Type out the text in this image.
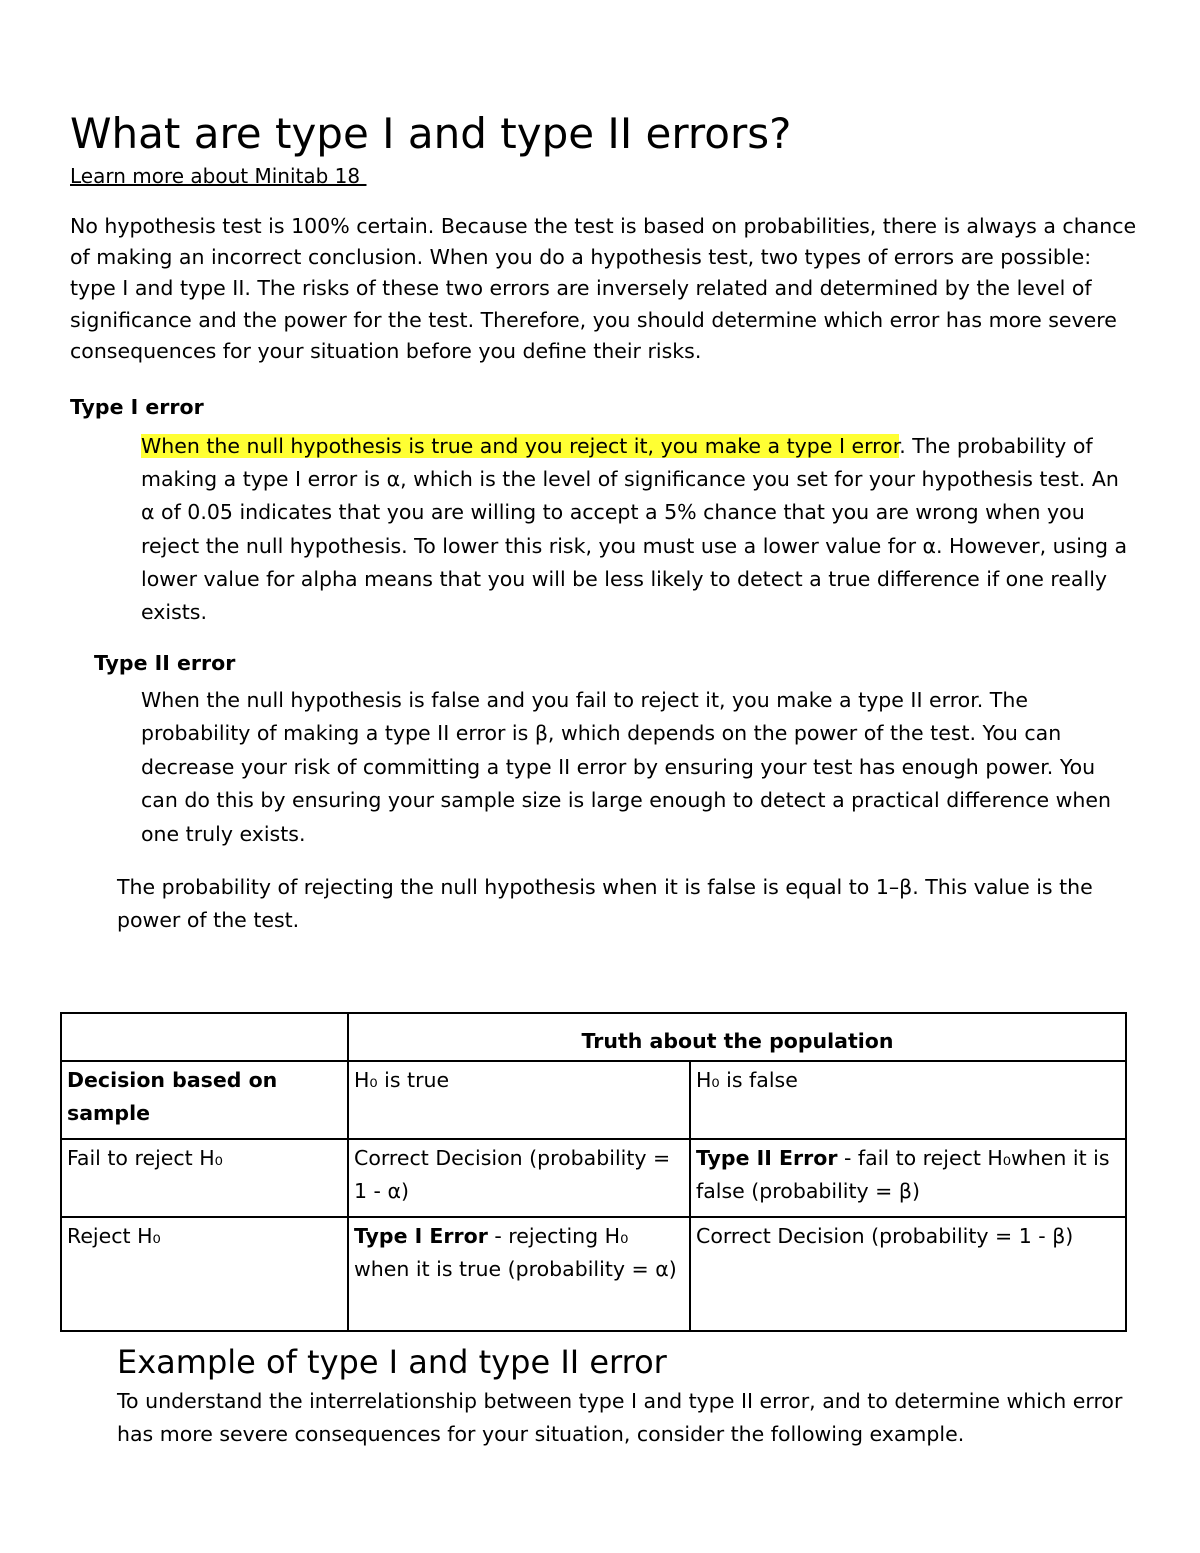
What are type I and type II errors?
Learn more about Minitab 18

No hypothesis test is 100% certain. Because the test is based on probabilities, there is always a chance of making an incorrect conclusion. When you do a hypothesis test, two types of errors are possible: type I and type II. The risks of these two errors are inversely related and determined by the level of significance and the power for the test. Therefore, you should determine which error has more severe consequences for your situation before you define their risks.

Type I error

When the null hypothesis is true and you reject it, you make a type I error. The probability of making a type I error is α, which is the level of significance you set for your hypothesis test. An α of 0.05 indicates that you are willing to accept a 5% chance that you are wrong when you reject the null hypothesis. To lower this risk, you must use a lower value for α. However, using a lower value for alpha means that you will be less likely to detect a true difference if one really exists.

Type II error

When the null hypothesis is false and you fail to reject it, you make a type II error. The probability of making a type II error is β, which depends on the power of the test. You can decrease your risk of committing a type II error by ensuring your test has enough power. You can do this by ensuring your sample size is large enough to detect a practical difference when one truly exists.

The probability of rejecting the null hypothesis when it is false is equal to 1–β. This value is the power of the test.

	Truth about the population	
Decision based on sample	H₀ is true	H₀ is false
Fail to reject H₀	Correct Decision (probability = 1 - α)	Type II Error - fail to reject H₀when it is false (probability = β)
Reject H₀	Type I Error - rejecting H₀ when it is true (probability = α)	Correct Decision (probability = 1 - β)
Example of type I and type II error

To understand the interrelationship between type I and type II error, and to determine which error has more severe consequences for your situation, consider the following example.
